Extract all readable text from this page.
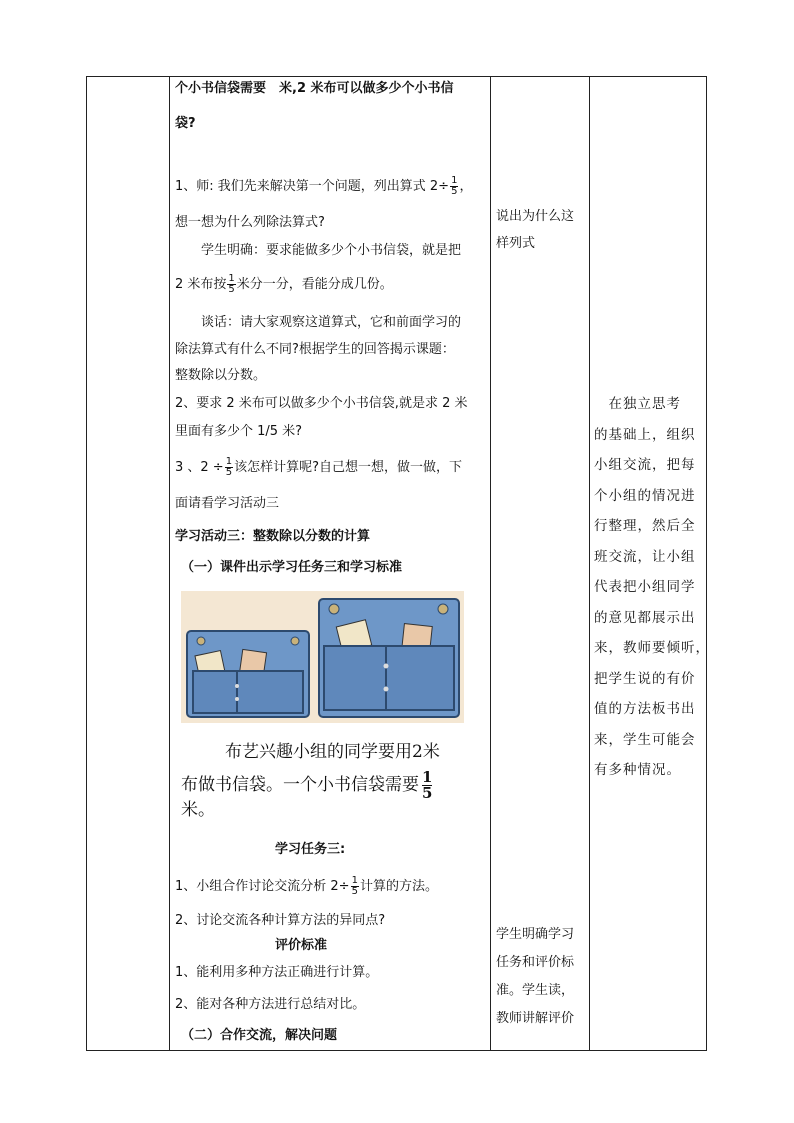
个小书信袋需要　米,2 米布可以做多少个小书信
袋?
1、师: 我们先来解决第一个问题，列出算式 $2\div \frac{1}{5}$ ，
想一想为什么列除法算式?
学生明确：要求能做多少个小书信袋，就是把
2 米布按 $\frac{1}{5}$ 米分一分，看能分成几份。
谈话：请大家观察这道算式，它和前面学习的
除法算式有什么不同?根据学生的回答揭示课题：
整数除以分数。
2、要求 2 米布可以做多少个小书信袋,就是求 2 米
里面有多少个 1/5 米?
3 、$2 \div \frac{1}{5}$ 该怎样计算呢?自己想一想，做一做，下
面请看学习活动三
学习活动三：整数除以分数的计算
（一）课件出示学习任务三和学习标准
布艺兴趣小组的同学要用2米
布做书信袋。一个小书信袋需要 $\frac{1}{5}$
米。
学习任务三:
1、小组合作讨论交流分析 $2\div \frac{1}{5}$ 计算的方法。
2、讨论交流各种计算方法的异同点?
评价标准
1、能利用多种方法正确进行计算。
2、能对各种方法进行总结对比。
（二）合作交流，解决问题
说出为什么这
样列式
学生明确学习
任务和评价标
准。学生读，
教师讲解评价
　在独立思考
的基础上，组织
小组交流，把每
个小组的情况进
行整理，然后全
班交流，让小组
代表把小组同学
的意见都展示出
来，教师要倾听，
把学生说的有价
值的方法板书出
来，学生可能会
有多种情况。
